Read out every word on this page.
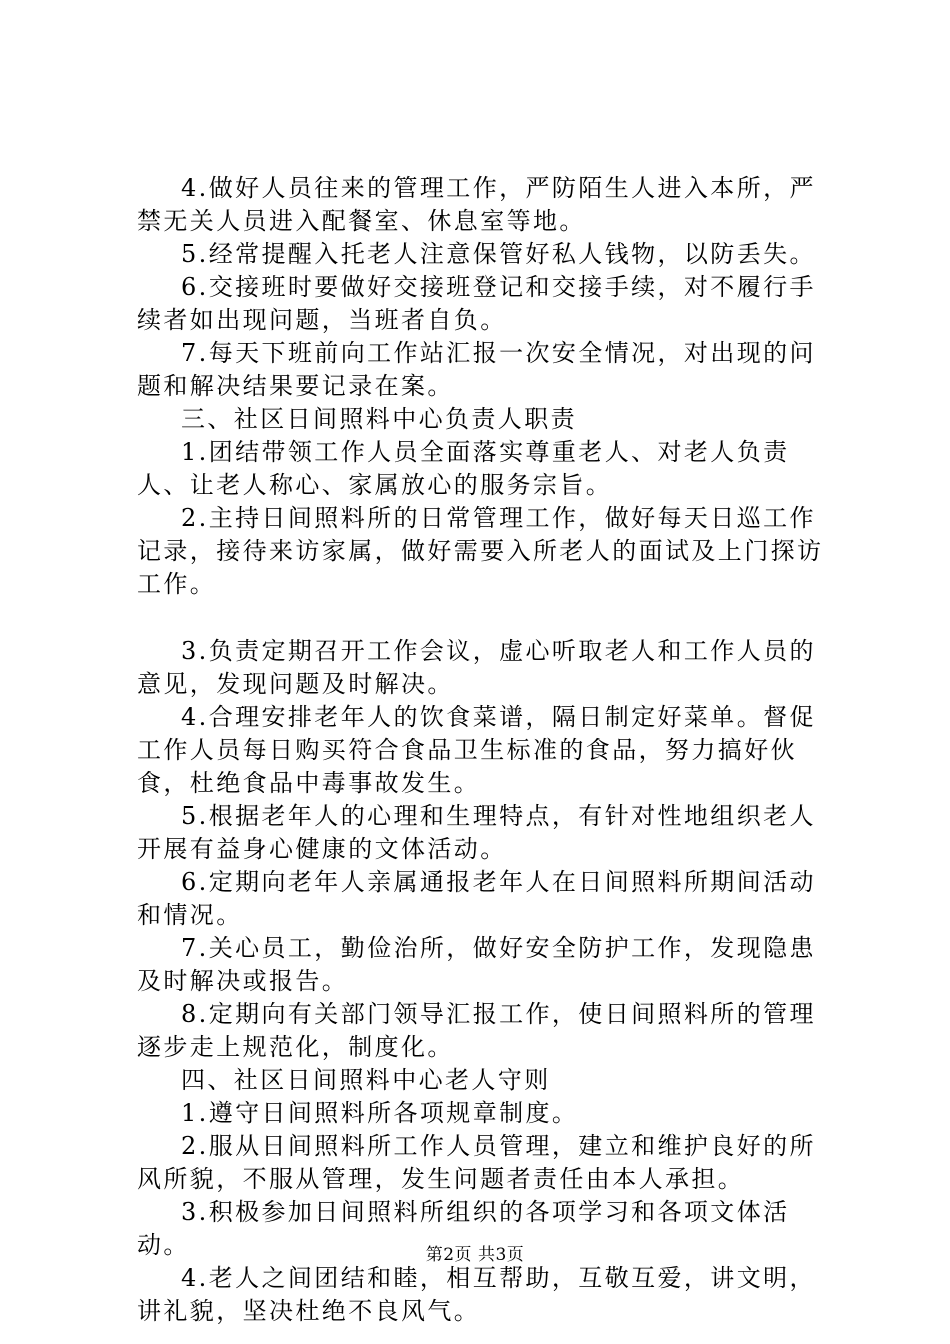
4.做好人员往来的管理工作，严防陌生人进入本所，严禁无关人员进入配餐室、休息室等地。

5.经常提醒入托老人注意保管好私人钱物，以防丢失。

6.交接班时要做好交接班登记和交接手续，对不履行手续者如出现问题，当班者自负。

7.每天下班前向工作站汇报一次安全情况，对出现的问题和解决结果要记录在案。

三、社区日间照料中心负责人职责

1.团结带领工作人员全面落实尊重老人、对老人负责人、让老人称心、家属放心的服务宗旨。

2.主持日间照料所的日常管理工作，做好每天日巡工作记录，接待来访家属，做好需要入所老人的面试及上门探访工作。

3.负责定期召开工作会议，虚心听取老人和工作人员的意见，发现问题及时解决。

4.合理安排老年人的饮食菜谱，隔日制定好菜单。督促工作人员每日购买符合食品卫生标准的食品，努力搞好伙食，杜绝食品中毒事故发生。

5.根据老年人的心理和生理特点，有针对性地组织老人开展有益身心健康的文体活动。

6.定期向老年人亲属通报老年人在日间照料所期间活动和情况。

7.关心员工，勤俭治所，做好安全防护工作，发现隐患及时解决或报告。

8.定期向有关部门领导汇报工作，使日间照料所的管理逐步走上规范化，制度化。

四、社区日间照料中心老人守则

1.遵守日间照料所各项规章制度。

2.服从日间照料所工作人员管理，建立和维护良好的所风所貌，不服从管理，发生问题者责任由本人承担。

3.积极参加日间照料所组织的各项学习和各项文体活动。

4.老人之间团结和睦，相互帮助，互敬互爱，讲文明，讲礼貌，坚决杜绝不良风气。

第2页 共3页
